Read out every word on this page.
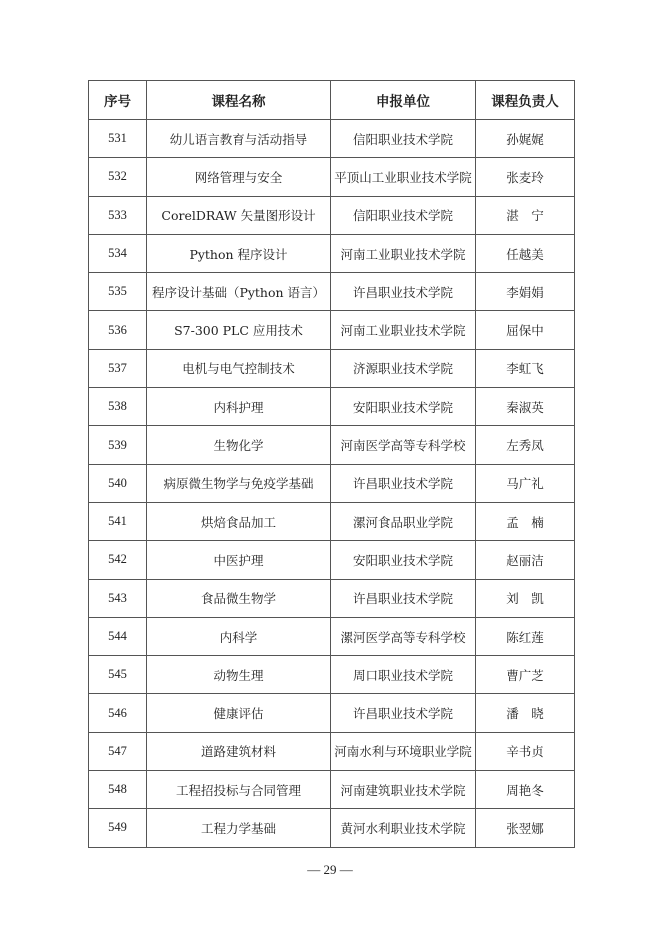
序号	课程名称	申报单位	课程负责人
531	幼儿语言教育与活动指导	信阳职业技术学院	孙娓娓
532	网络管理与安全	平顶山工业职业技术学院	张麦玲
533	CorelDRAW 矢量图形设计	信阳职业技术学院	湛　宁
534	Python 程序设计	河南工业职业技术学院	任越美
535	程序设计基础（Python 语言）	许昌职业技术学院	李娟娟
536	S7-300 PLC 应用技术	河南工业职业技术学院	屈保中
537	电机与电气控制技术	济源职业技术学院	李虹飞
538	内科护理	安阳职业技术学院	秦淑英
539	生物化学	河南医学高等专科学校	左秀凤
540	病原微生物学与免疫学基础	许昌职业技术学院	马广礼
541	烘焙食品加工	漯河食品职业学院	孟　楠
542	中医护理	安阳职业技术学院	赵丽洁
543	食品微生物学	许昌职业技术学院	刘　凯
544	内科学	漯河医学高等专科学校	陈红莲
545	动物生理	周口职业技术学院	曹广芝
546	健康评估	许昌职业技术学院	潘　晓
547	道路建筑材料	河南水利与环境职业学院	辛书贞
548	工程招投标与合同管理	河南建筑职业技术学院	周艳冬
549	工程力学基础	黄河水利职业技术学院	张翌娜
— 29 —
